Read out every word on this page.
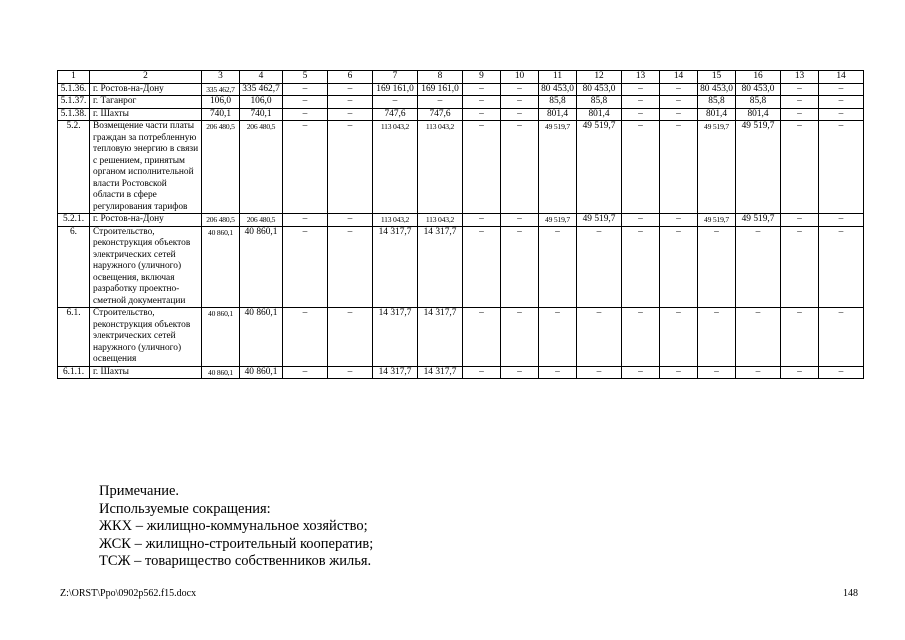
1	2	3	4	5	6	7	8	9	10	11	12	13	14	15	16	13	14
5.1.36.	г. Ростов-на-Дону	335 462,7	335 462,7	–	–	169 161,0	169 161,0	–	–	80 453,0	80 453,0	–	–	80 453,0	80 453,0	–	–
5.1.37.	г. Таганрог	106,0	106,0	–	–	–	–	–	–	85,8	85,8	–	–	85,8	85,8	–	–
5.1.38.	г. Шахты	740,1	740,1	–	–	747,6	747,6	–	–	801,4	801,4	–	–	801,4	801,4	–	–
5.2.	Возмещение части платы граждан за потребленную тепловую энергию в связи с решением, принятым органом исполнительной власти Ростовской области в сфере регулирования тарифов	206 480,5	206 480,5	–	–	113 043,2	113 043,2	–	–	49 519,7	49 519,7	–	–	49 519,7	49 519,7	–	–
5.2.1.	г. Ростов-на-Дону	206 480,5	206 480,5	–	–	113 043,2	113 043,2	–	–	49 519,7	49 519,7	–	–	49 519,7	49 519,7	–	–
6.	Строительство, реконструкция объектов электрических сетей наружного (уличного) освещения, включая разработку проектно-сметной документации	40 860,1	40 860,1	–	–	14 317,7	14 317,7	–	–	–	–	–	–	–	–	–	–
6.1.	Строительство, реконструкция объектов электрических сетей наружного (уличного) освещения	40 860,1	40 860,1	–	–	14 317,7	14 317,7	–	–	–	–	–	–	–	–	–	–
6.1.1.	г. Шахты	40 860,1	40 860,1	–	–	14 317,7	14 317,7	–	–	–	–	–	–	–	–	–	–
Примечание.
Используемые сокращения:
ЖКХ – жилищно-коммунальное хозяйство;
ЖСК – жилищно-строительный кооператив;
ТСЖ – товарищество собственников жилья.
Z:\ORST\Ppo\0902p562.f15.docx	148
